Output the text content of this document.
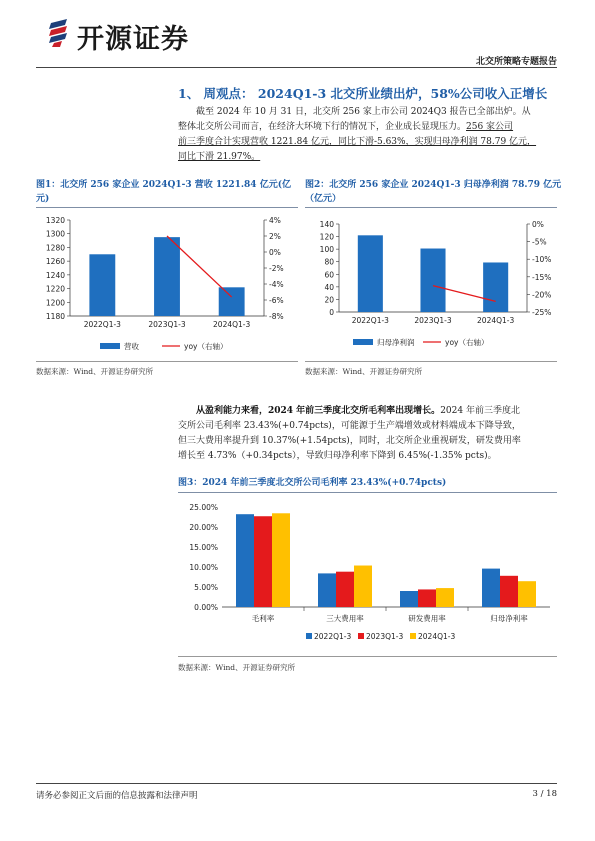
开源证券
北交所策略专题报告
1、 周观点： 2024Q1-3 北交所业绩出炉，58%公司收入正增长
截至 2024 年 10 月 31 日，北交所 256 家上市公司 2024Q3 报告已全部出炉。从
整体北交所公司而言，在经济大环境下行的情况下，企业成长显现压力。256 家公司
前三季度合计实现营收 1221.84 亿元，同比下滑-5.63%，实现归母净利润 78.79 亿元，
同比下滑 21.97%。
图1：北交所 256 家企业 2024Q1-3 营收 1221.84 亿元(亿元)
图2：北交所 256 家企业 2024Q1-3 归母净利润 78.79 亿元（亿元）
1180
1200
1220
1240
1260
1280
1300
1320	4%
2%
0%
-2%
-4%
-6%
-8%
2022Q1-3	2023Q1-3	2024Q1-3
营收	yoy（右轴）
0
20
40
60
80
100
120
140	0%
-5%
-10%
-15%
-20%
-25%
2022Q1-3	2023Q1-3	2024Q1-3
归母净利润	yoy（右轴）
数据来源：Wind、开源证券研究所	数据来源：Wind、开源证券研究所
从盈利能力来看，2024 年前三季度北交所毛利率出现增长。2024 年前三季度北
交所公司毛利率 23.43%(+0.74pcts)，可能源于生产端增效或材料端成本下降导致，
但三大费用率提升到 10.37%(+1.54pcts)，同时，北交所企业重视研发，研发费用率
增长至 4.73%（+0.34pcts），导致归母净利率下降到 6.45%(-1.35% pcts)。
图3：2024 年前三季度北交所公司毛利率 23.43%(+0.74pcts)
0.00%
5.00%
10.00%
15.00%
20.00%
25.00%
毛利率	三大费用率	研发费用率	归母净利率
2022Q1-3 2023Q1-3 2024Q1-3
数据来源：Wind、开源证券研究所
请务必参阅正文后面的信息披露和法律声明	3 / 18
